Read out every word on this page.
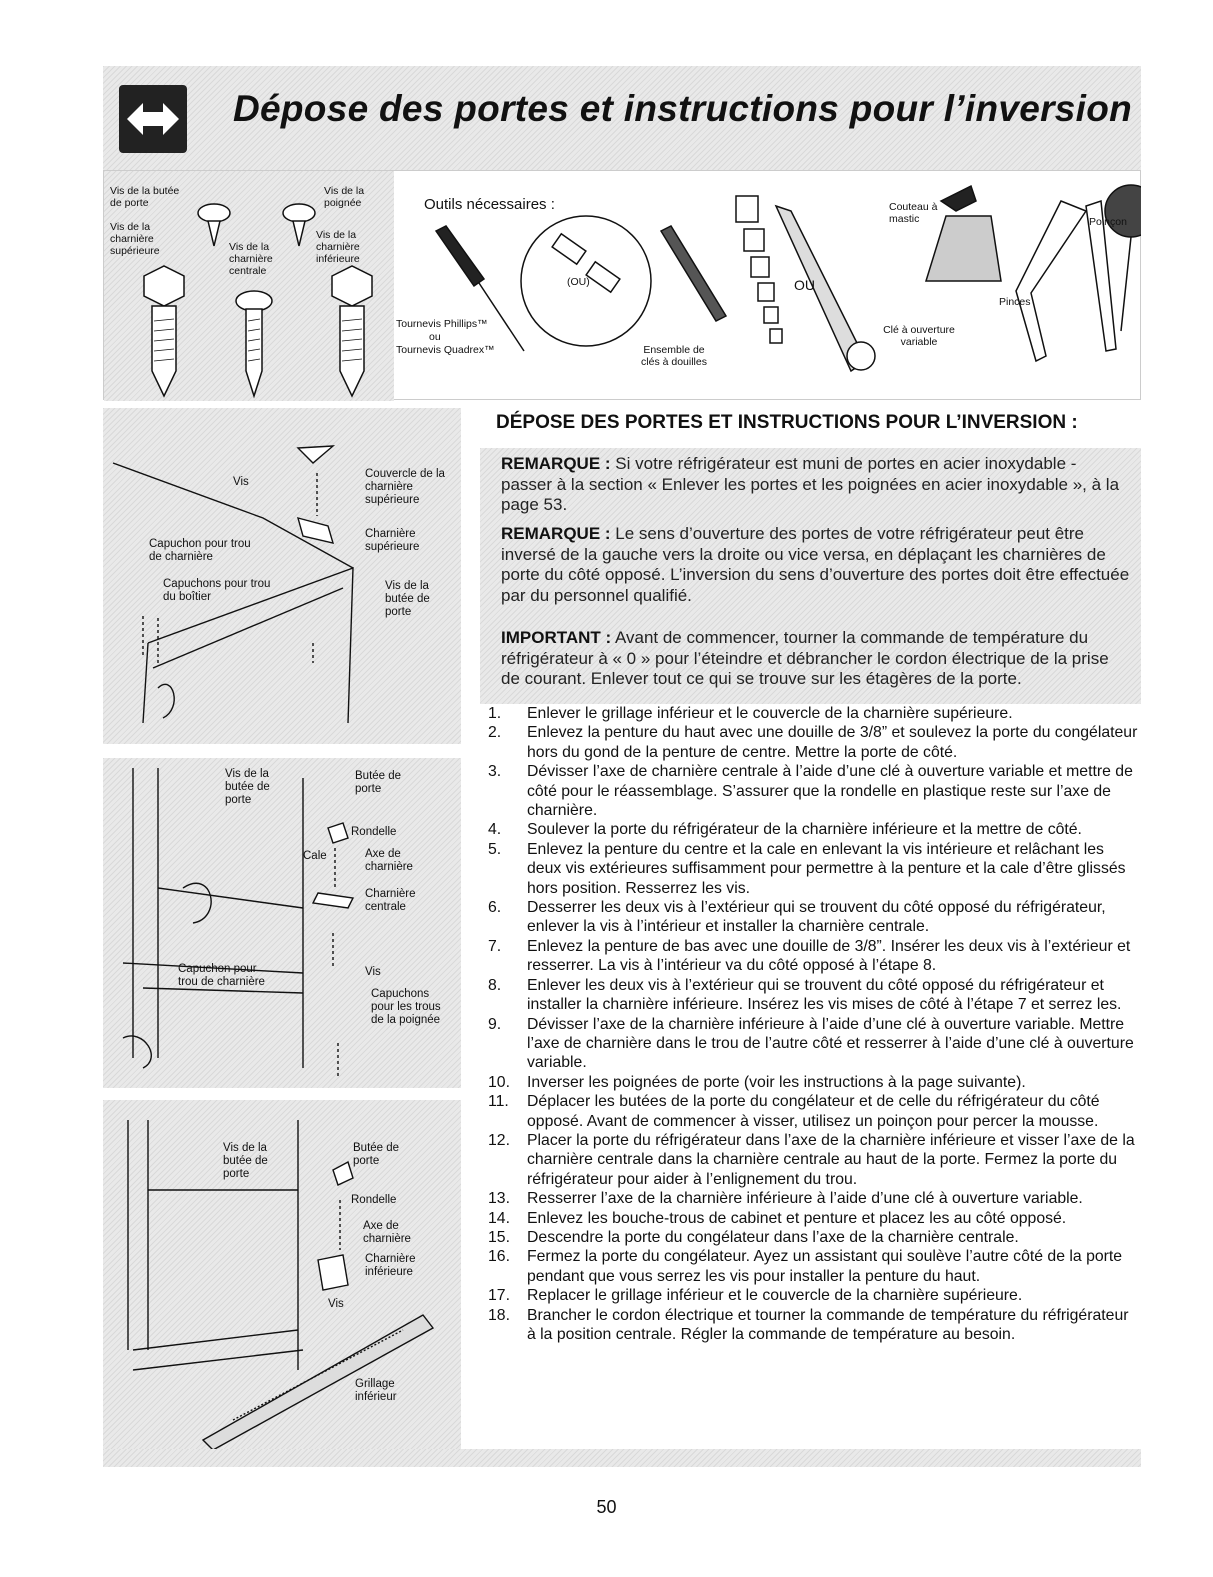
Dépose des portes et instructions pour l’inversion
Vis de la butée de porte
Vis de la poignée
Vis de la charnière supérieure	Vis de la charnière centrale
Vis de la charnière inférieure
Outils nécessaires :
Tournevis Phillips™
ou
Tournevis Quadrex™
(OU)
Ensemble de clés à douilles
OU
Clé à ouverture variable
Couteau à mastic
Pinces
Poinçon
Vis
Couvercle de la charnière supérieure
Charnière supérieure
Capuchon pour trou de charnière
Capuchons pour trou du boîtier
Vis de la butée de porte
Vis de la butée de porte
Butée de porte
Rondelle
Cale	Axe de charnière
Charnière centrale
Vis
Capuchon pour trou de charnière
Capuchons pour les trous de la poignée
Vis de la butée de porte
Butée de porte
Rondelle
Axe de charnière
Charnière inférieure
Vis
Grillage inférieur
DÉPOSE DES PORTES ET INSTRUCTIONS POUR L’INVERSION :
REMARQUE : Si votre réfrigérateur est muni de portes en acier inoxydable - passer à la section « Enlever les portes et les poignées en acier inoxydable », à la page 53.
REMARQUE : Le sens d’ouverture des portes de votre réfrigérateur peut être inversé de la gauche vers la droite ou vice versa, en déplaçant les charnières de porte du côté opposé. L’inversion du sens d’ouverture des portes doit être effectuée par du personnel qualifié.
IMPORTANT : Avant de commencer, tourner la commande de température du réfrigérateur à « 0 » pour l’éteindre et débrancher le cordon électrique de la prise de courant. Enlever tout ce qui se trouve sur les étagères de la porte.
1. Enlever le grillage inférieur et le couvercle de la charnière supérieure.
2. Enlevez la penture du haut avec une douille de 3/8” et soulevez la porte du congélateur hors du gond de la penture de centre. Mettre la porte de côté.
3. Dévisser l’axe de charnière centrale à l’aide d’une clé à ouverture variable et mettre de côté pour le réassemblage. S’assurer que la rondelle en plastique reste sur l’axe de charnière.
4. Soulever la porte du réfrigérateur de la charnière inférieure et la mettre de côté.
5. Enlevez la penture du centre et la cale en enlevant la vis intérieure et relâchant les deux vis extérieures suffisamment pour permettre à la penture et la cale d’être glissés hors position. Resserrez les vis.
6. Desserrer les deux vis à l’extérieur qui se trouvent du côté opposé du réfrigérateur, enlever la vis à l’intérieur et installer la charnière centrale.
7. Enlevez la penture de bas avec une douille de 3/8”. Insérer les deux vis à l’extérieur et resserrer. La vis à l’intérieur va du côté opposé à l’étape 8.
8. Enlever les deux vis à l’extérieur qui se trouvent du côté opposé du réfrigérateur et installer la charnière inférieure. Insérez les vis mises de côté à l’étape 7 et serrez les.
9. Dévisser l’axe de la charnière inférieure à l’aide d’une clé à ouverture variable. Mettre l’axe de charnière dans le trou de l’autre côté et resserrer à l’aide d’une clé à ouverture variable.
10. Inverser les poignées de porte (voir les instructions à la page suivante).
11. Déplacer les butées de la porte du congélateur et de celle du réfrigérateur du côté opposé. Avant de commencer à visser, utilisez un poinçon pour percer la mousse.
12. Placer la porte du réfrigérateur dans l’axe de la charnière inférieure et visser l’axe de la charnière centrale dans la charnière centrale au haut de la porte. Fermez la porte du réfrigérateur pour aider à l’enlignement du trou.
13. Resserrer l’axe de la charnière inférieure à l’aide d’une clé à ouverture variable.
14. Enlevez les bouche-trous de cabinet et penture et placez les au côté opposé.
15. Descendre la porte du congélateur dans l’axe de la charnière centrale.
16. Fermez la porte du congélateur. Ayez un assistant qui soulève l’autre côté de la porte pendant que vous serrez les vis pour installer la penture du haut.
17. Replacer le grillage inférieur et le couvercle de la charnière supérieure.
18. Brancher le cordon électrique et tourner la commande de température du réfrigérateur à la position centrale. Régler la commande de température au besoin.
50
